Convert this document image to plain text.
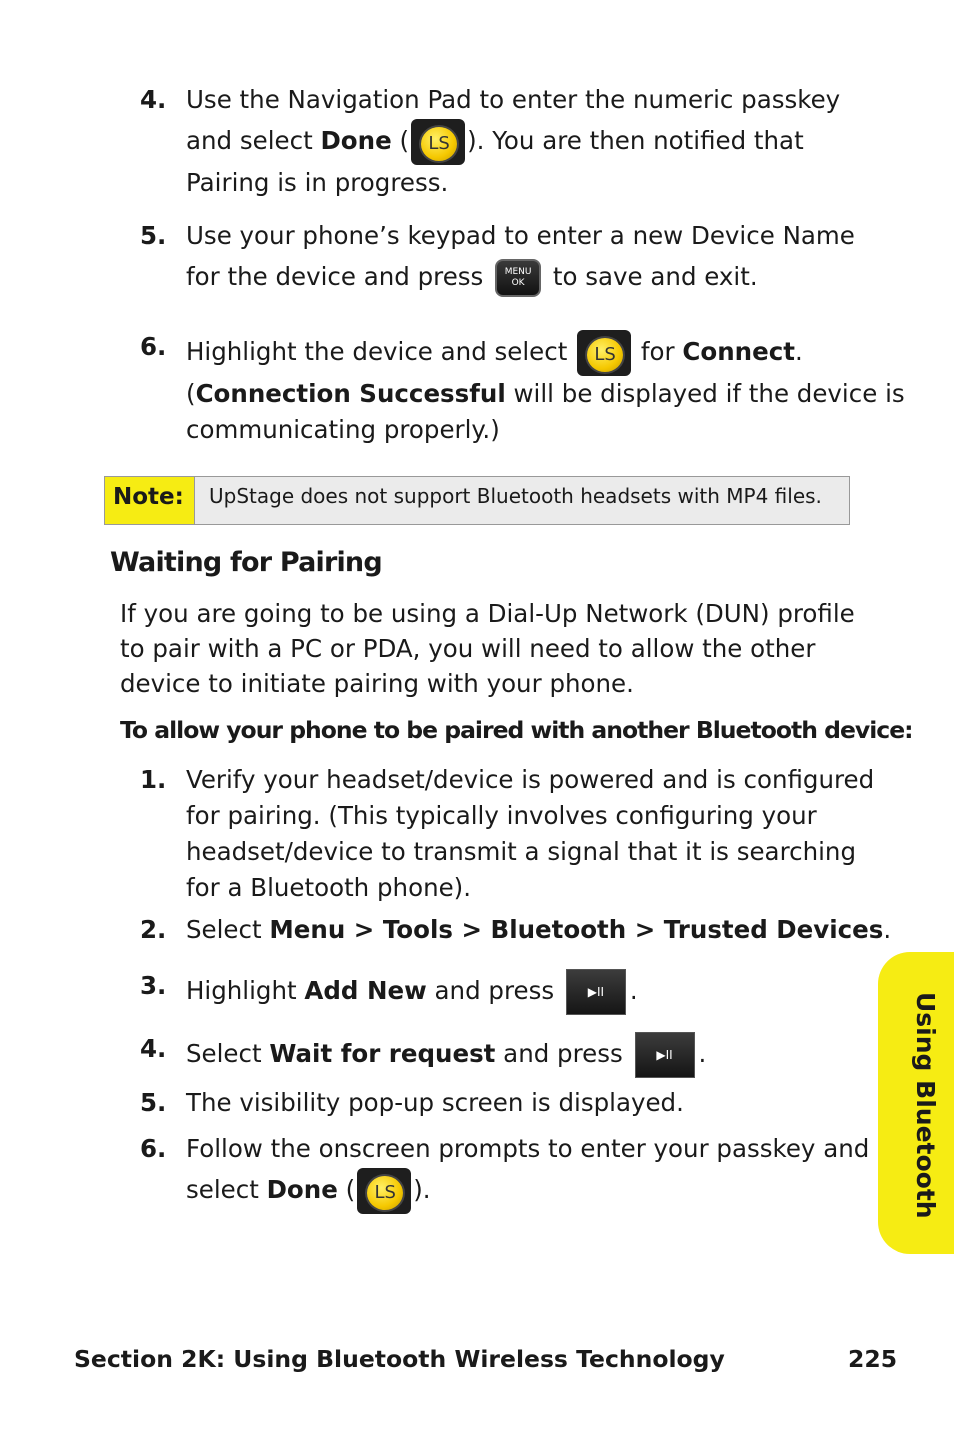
4. Use the Navigation Pad to enter the numeric passkey
and select Done (	LS ). You are then notified that
Pairing is in progress.
5. Use your phone’s keypad to enter a new Device Name
for the device and press	MENU
OK to save and exit.
6. Highlight the device and select	LS for Connect.
(Connection Successful will be displayed if the device is
communicating properly.)
Note:	UpStage does not support Bluetooth headsets with MP4 files.
Waiting for Pairing
If you are going to be using a Dial-Up Network (DUN) profile to pair with a PC or PDA, you will need to allow the other device to initiate pairing with your phone.
To allow your phone to be paired with another Bluetooth device:
1. Verify your headset/device is powered and is configured
for pairing. (This typically involves configuring your
headset/device to transmit a signal that it is searching
for a Bluetooth phone).
2. Select Menu > Tools > Bluetooth > Trusted Devices.
3. Highlight Add New and press ▶II .
4. Select Wait for request and press ▶II .
5. The visibility pop-up screen is displayed.
6. Follow the onscreen prompts to enter your passkey and
select Done (	LS ).	Using Bluetooth
Section 2K: Using Bluetooth Wireless Technology	225
